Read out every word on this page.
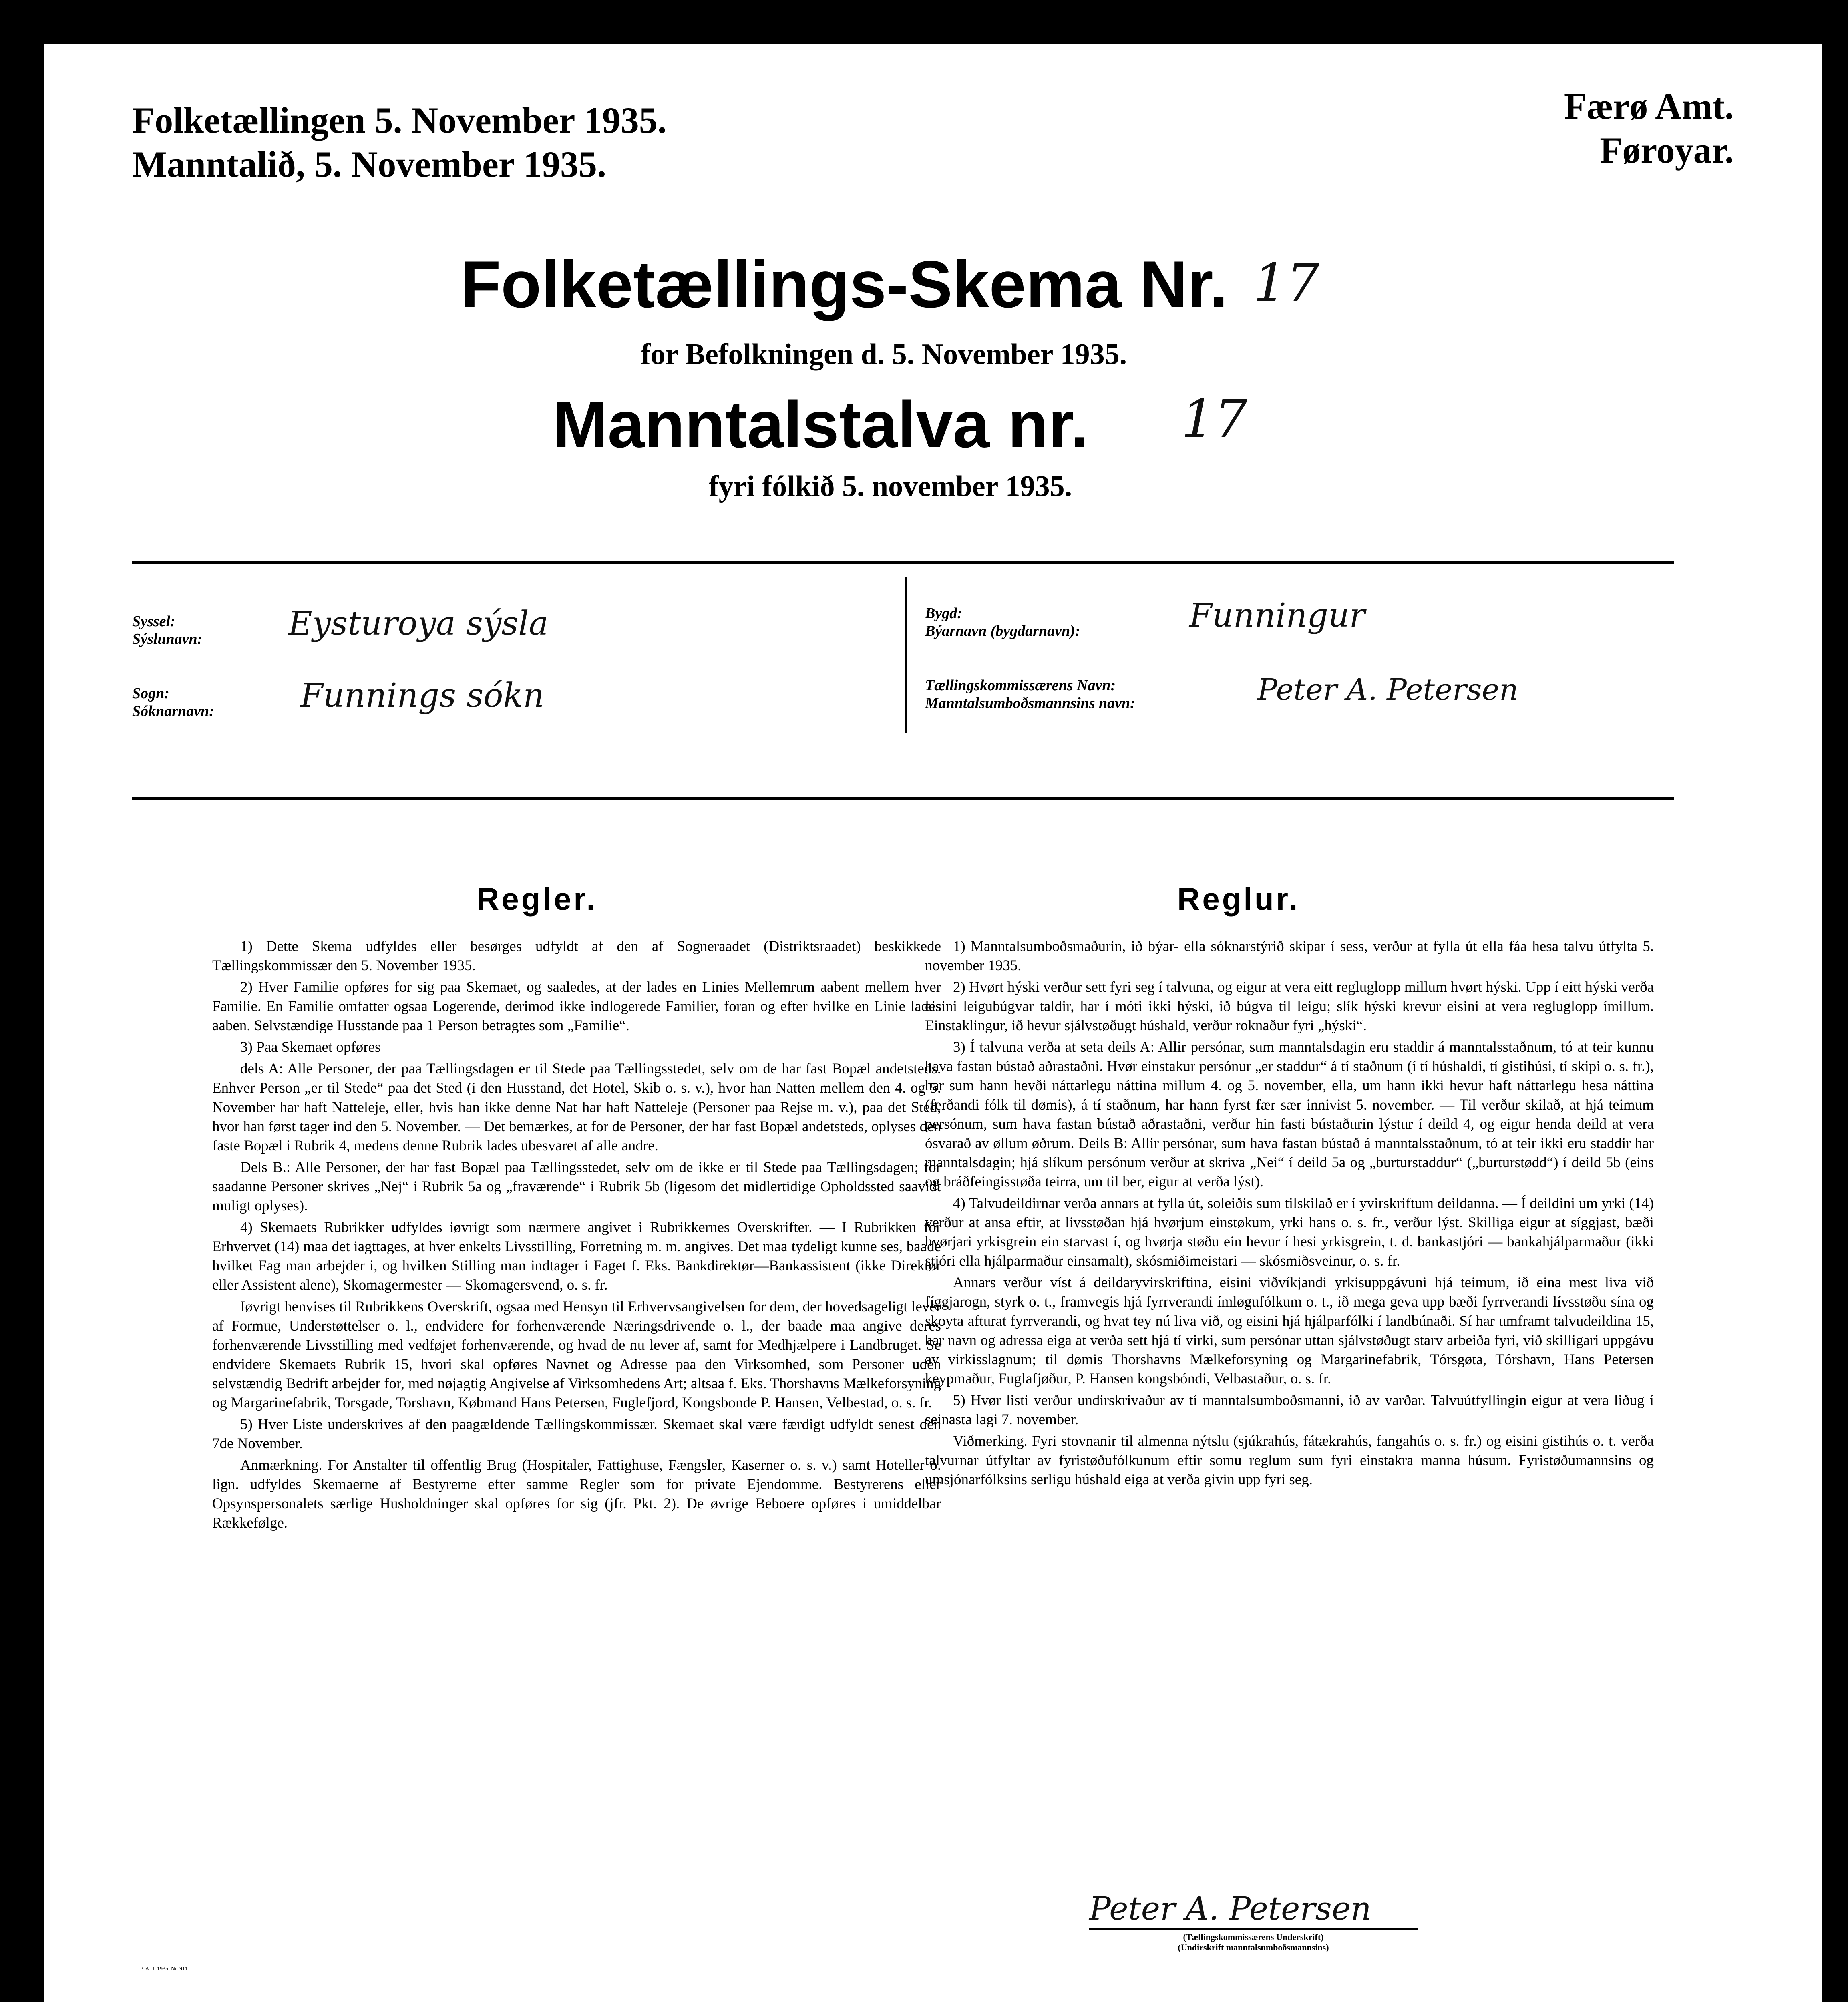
Folketællingen 5. November 1935.
Manntalið, 5. November 1935.
Færø Amt.
Føroyar.
Folketællings-Skema Nr. 17
for Befolkningen d. 5. November 1935.
Manntalstalva nr. 17
fyri fólkið 5. november 1935.
Syssel:
Sýslunavn:	Eysturoya sýsla
Sogn:
Sóknarnavn:	Funnings sókn
Bygd:
Býarnavn (bygdarnavn):	Funningur
Tællingskommissærens Navn:
Manntalsumboðsmannsins navn:	Peter A. Petersen
Regler.

1) Dette Skema udfyldes eller besørges udfyldt af den af Sogneraadet (Distriktsraadet) beskikkede Tællingskommissær den 5. November 1935.

2) Hver Familie opføres for sig paa Skemaet, og saaledes, at der lades en Linies Mellemrum aabent mellem hver Familie. En Familie omfatter ogsaa Logerende, derimod ikke indlogerede Familier, foran og efter hvilke en Linie lades aaben. Selvstændige Husstande paa 1 Person betragtes som „Familie“.

3) Paa Skemaet opføres

dels A: Alle Personer, der paa Tællingsdagen er til Stede paa Tællingsstedet, selv om de har fast Bopæl andetsteds. Enhver Person „er til Stede“ paa det Sted (i den Husstand, det Hotel, Skib o. s. v.), hvor han Natten mellem den 4. og 5. November har haft Natteleje, eller, hvis han ikke denne Nat har haft Natteleje (Personer paa Rejse m. v.), paa det Sted, hvor han først tager ind den 5. November. — Det bemærkes, at for de Personer, der har fast Bopæl andetsteds, oplyses den faste Bopæl i Rubrik 4, medens denne Rubrik lades ubesvaret af alle andre.

Dels B.: Alle Personer, der har fast Bopæl paa Tællingsstedet, selv om de ikke er til Stede paa Tællingsdagen; for saadanne Personer skrives „Nej“ i Rubrik 5a og „fraværende“ i Rubrik 5b (ligesom det midlertidige Opholdssted saavidt muligt oplyses).

4) Skemaets Rubrikker udfyldes iøvrigt som nærmere angivet i Rubrikkernes Overskrifter. — I Rubrikken for Erhvervet (14) maa det iagttages, at hver enkelts Livsstilling, Forretning m. m. angives. Det maa tydeligt kunne ses, baade hvilket Fag man arbejder i, og hvilken Stilling man indtager i Faget f. Eks. Bankdirektør—Bankassistent (ikke Direktør eller Assistent alene), Skomagermester — Skomagersvend, o. s. fr.

Iøvrigt henvises til Rubrikkens Overskrift, ogsaa med Hensyn til Erhvervsangivelsen for dem, der hovedsageligt lever af Formue, Understøttelser o. l., endvidere for forhenværende Næringsdrivende o. l., der baade maa angive deres forhenværende Livsstilling med vedføjet forhenværende, og hvad de nu lever af, samt for Medhjælpere i Landbruget. Se endvidere Skemaets Rubrik 15, hvori skal opføres Navnet og Adresse paa den Virksomhed, som Personer uden selvstændig Bedrift arbejder for, med nøjagtig Angivelse af Virksomhedens Art; altsaa f. Eks. Thorshavns Mælkeforsyning og Margarinefabrik, Torsgade, Torshavn, Købmand Hans Petersen, Fuglefjord, Kongsbonde P. Hansen, Velbestad, o. s. fr.

5) Hver Liste underskrives af den paagældende Tællingskommissær. Skemaet skal være færdigt udfyldt senest den 7de November.

Anmærkning. For Anstalter til offentlig Brug (Hospitaler, Fattighuse, Fængsler, Kaserner o. s. v.) samt Hoteller o. lign. udfyldes Skemaerne af Bestyrerne efter samme Regler som for private Ejendomme. Bestyrerens eller Opsynspersonalets særlige Husholdninger skal opføres for sig (jfr. Pkt. 2). De øvrige Beboere opføres i umiddelbar Rækkefølge.

Reglur.

1) Manntalsumboðsmaðurin, ið býar- ella sóknarstýrið skipar í sess, verður at fylla út ella fáa hesa talvu útfylta 5. november 1935.

2) Hvørt hýski verður sett fyri seg í talvuna, og eigur at vera eitt regluglopp millum hvørt hýski. Upp í eitt hýski verða eisini leigubúgvar taldir, har í móti ikki hýski, ið búgva til leigu; slík hýski krevur eisini at vera regluglopp ímillum. Einstaklingur, ið hevur sjálvstøðugt húshald, verður roknaður fyri „hýski“.

3) Í talvuna verða at seta deils A: Allir persónar, sum manntalsdagin eru staddir á manntalsstaðnum, tó at teir kunnu hava fastan bústað aðrastaðni. Hvør einstakur persónur „er staddur“ á tí staðnum (í tí húshaldi, tí gistihúsi, tí skipi o. s. fr.), har sum hann hevði náttarlegu náttina millum 4. og 5. november, ella, um hann ikki hevur haft náttarlegu hesa náttina (ferðandi fólk til dømis), á tí staðnum, har hann fyrst fær sær innivist 5. november. — Til verður skilað, at hjá teimum persónum, sum hava fastan bústað aðrastaðni, verður hin fasti bústaðurin lýstur í deild 4, og eigur henda deild at vera ósvarað av øllum øðrum. Deils B: Allir persónar, sum hava fastan bústað á manntalsstaðnum, tó at teir ikki eru staddir har manntalsdagin; hjá slíkum persónum verður at skriva „Nei“ í deild 5a og „burturstaddur“ („burturstødd“) í deild 5b (eins og bráðfeingisstøða teirra, um til ber, eigur at verða lýst).

4) Talvudeildirnar verða annars at fylla út, soleiðis sum tilskilað er í yvirskriftum deildanna. — Í deildini um yrki (14) verður at ansa eftir, at livsstøðan hjá hvørjum einstøkum, yrki hans o. s. fr., verður lýst. Skilliga eigur at síggjast, bæði hvørjari yrkisgrein ein starvast í, og hvørja støðu ein hevur í hesi yrkisgrein, t. d. bankastjóri — bankahjálparmaður (ikki stjóri ella hjálparmaður einsamalt), skósmiðimeistari — skósmiðsveinur, o. s. fr.

Annars verður víst á deildaryvirskriftina, eisini viðvíkjandi yrkisuppgávuni hjá teimum, ið eina mest liva við fíggjarogn, styrk o. t., framvegis hjá fyrrverandi ímløgufólkum o. t., ið mega geva upp bæði fyrrverandi lívsstøðu sína og skoyta afturat fyrrverandi, og hvat tey nú liva við, og eisini hjá hjálparfólki í landbúnaði. Sí har umframt talvudeildina 15, har navn og adressa eiga at verða sett hjá tí virki, sum persónar uttan sjálvstøðugt starv arbeiða fyri, við skilligari uppgávu av virkisslagnum; til dømis Thorshavns Mælkeforsyning og Margarinefabrik, Tórsgøta, Tórshavn, Hans Petersen keypmaður, Fuglafjøður, P. Hansen kongsbóndi, Velbastaður, o. s. fr.

5) Hvør listi verður undirskrivaður av tí manntalsumboðsmanni, ið av varðar. Talvuútfyllingin eigur at vera liðug í seinasta lagi 7. november.

Viðmerking. Fyri stovnanir til almenna nýtslu (sjúkrahús, fátækrahús, fangahús o. s. fr.) og eisini gistihús o. t. verða talvurnar útfyltar av fyristøðufólkunum eftir somu reglum sum fyri einstakra manna húsum. Fyristøðumannsins og umsjónarfólksins serligu húshald eiga at verða givin upp fyri seg.

Peter A. Petersen
(Tællingskommissærens Underskrift)
(Undirskrift manntalsumboðsmannsins)
P. A. J. 1935. Nr. 911
